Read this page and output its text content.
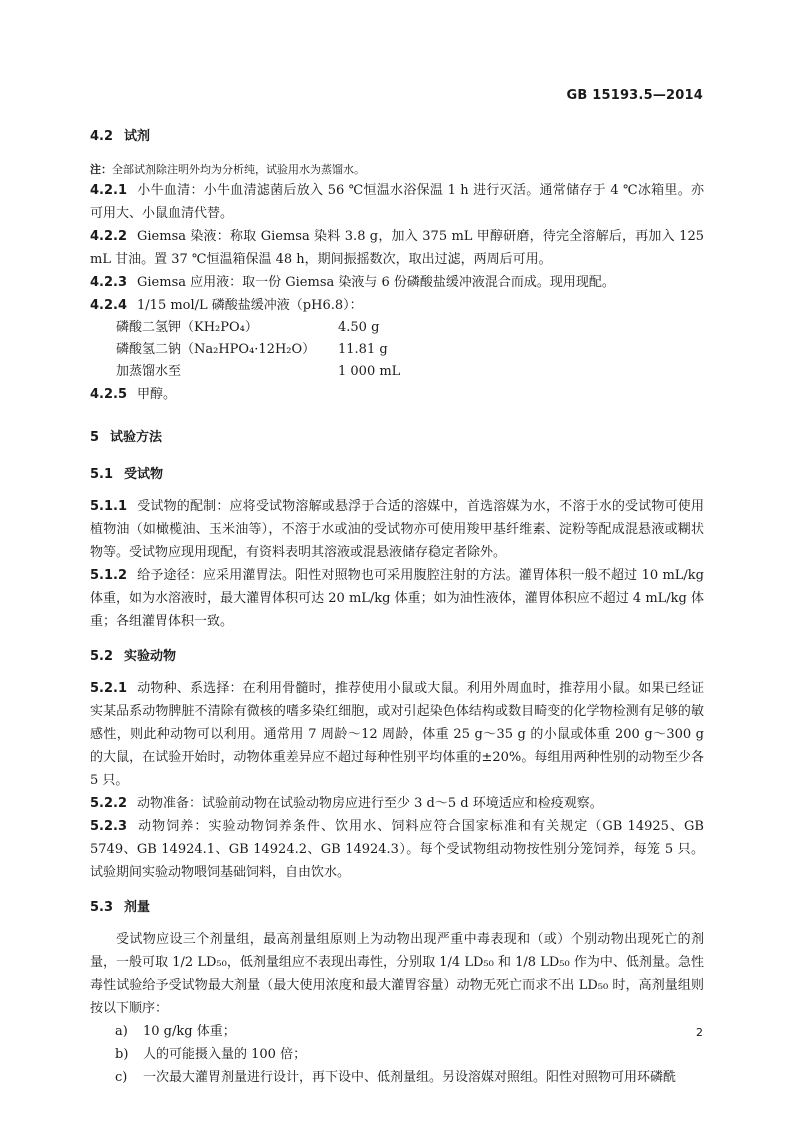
GB 15193.5—2014
4.2 试剂
注：全部试剂除注明外均为分析纯，试验用水为蒸馏水。
4.2.1 小牛血清：小牛血清滤菌后放入 56 ℃恒温水浴保温 1 h 进行灭活。通常储存于 4 ℃冰箱里。亦可用大、小鼠血清代替。
4.2.2 Giemsa 染液：称取 Giemsa 染料 3.8 g，加入 375 mL 甲醇研磨，待完全溶解后，再加入 125 mL 甘油。置 37 ℃恒温箱保温 48 h，期间振摇数次，取出过滤，两周后可用。
4.2.3 Giemsa 应用液：取一份 Giemsa 染液与 6 份磷酸盐缓冲液混合而成。现用现配。
4.2.4 1/15 mol/L 磷酸盐缓冲液（pH6.8）：
磷酸二氢钾（KH₂PO₄）	4.50 g
磷酸氢二钠（Na₂HPO₄·12H₂O）	11.81 g
加蒸馏水至	1 000 mL
4.2.5 甲醇。
5 试验方法
5.1 受试物
5.1.1 受试物的配制：应将受试物溶解或悬浮于合适的溶媒中，首选溶媒为水，不溶于水的受试物可使用植物油（如橄榄油、玉米油等），不溶于水或油的受试物亦可使用羧甲基纤维素、淀粉等配成混悬液或糊状物等。受试物应现用现配，有资料表明其溶液或混悬液储存稳定者除外。
5.1.2 给予途径：应采用灌胃法。阳性对照物也可采用腹腔注射的方法。灌胃体积一般不超过 10 mL/kg 体重，如为水溶液时，最大灌胃体积可达 20 mL/kg 体重；如为油性液体，灌胃体积应不超过 4 mL/kg 体重；各组灌胃体积一致。
5.2 实验动物
5.2.1 动物种、系选择：在利用骨髓时，推荐使用小鼠或大鼠。利用外周血时，推荐用小鼠。如果已经证实某品系动物脾脏不清除有微核的嗜多染红细胞，或对引起染色体结构或数目畸变的化学物检测有足够的敏感性，则此种动物可以利用。通常用 7 周龄～12 周龄，体重 25 g～35 g 的小鼠或体重 200 g～300 g 的大鼠，在试验开始时，动物体重差异应不超过每种性别平均体重的±20%。每组用两种性别的动物至少各 5 只。
5.2.2 动物准备：试验前动物在试验动物房应进行至少 3 d～5 d 环境适应和检疫观察。
5.2.3 动物饲养：实验动物饲养条件、饮用水、饲料应符合国家标准和有关规定（GB 14925、GB 5749、GB 14924.1、GB 14924.2、GB 14924.3）。每个受试物组动物按性别分笼饲养，每笼 5 只。试验期间实验动物喂饲基础饲料，自由饮水。
5.3 剂量
受试物应设三个剂量组，最高剂量组原则上为动物出现严重中毒表现和（或）个别动物出现死亡的剂量，一般可取 1/2 LD₅₀，低剂量组应不表现出毒性，分别取 1/4 LD₅₀ 和 1/8 LD₅₀ 作为中、低剂量。急性毒性试验给予受试物最大剂量（最大使用浓度和最大灌胃容量）动物无死亡而求不出 LD₅₀ 时，高剂量组则按以下顺序：
a)	10 g/kg 体重；
b)	人的可能摄入量的 100 倍；
c)	一次最大灌胃剂量进行设计，再下设中、低剂量组。另设溶媒对照组。阳性对照物可用环磷酰
2
